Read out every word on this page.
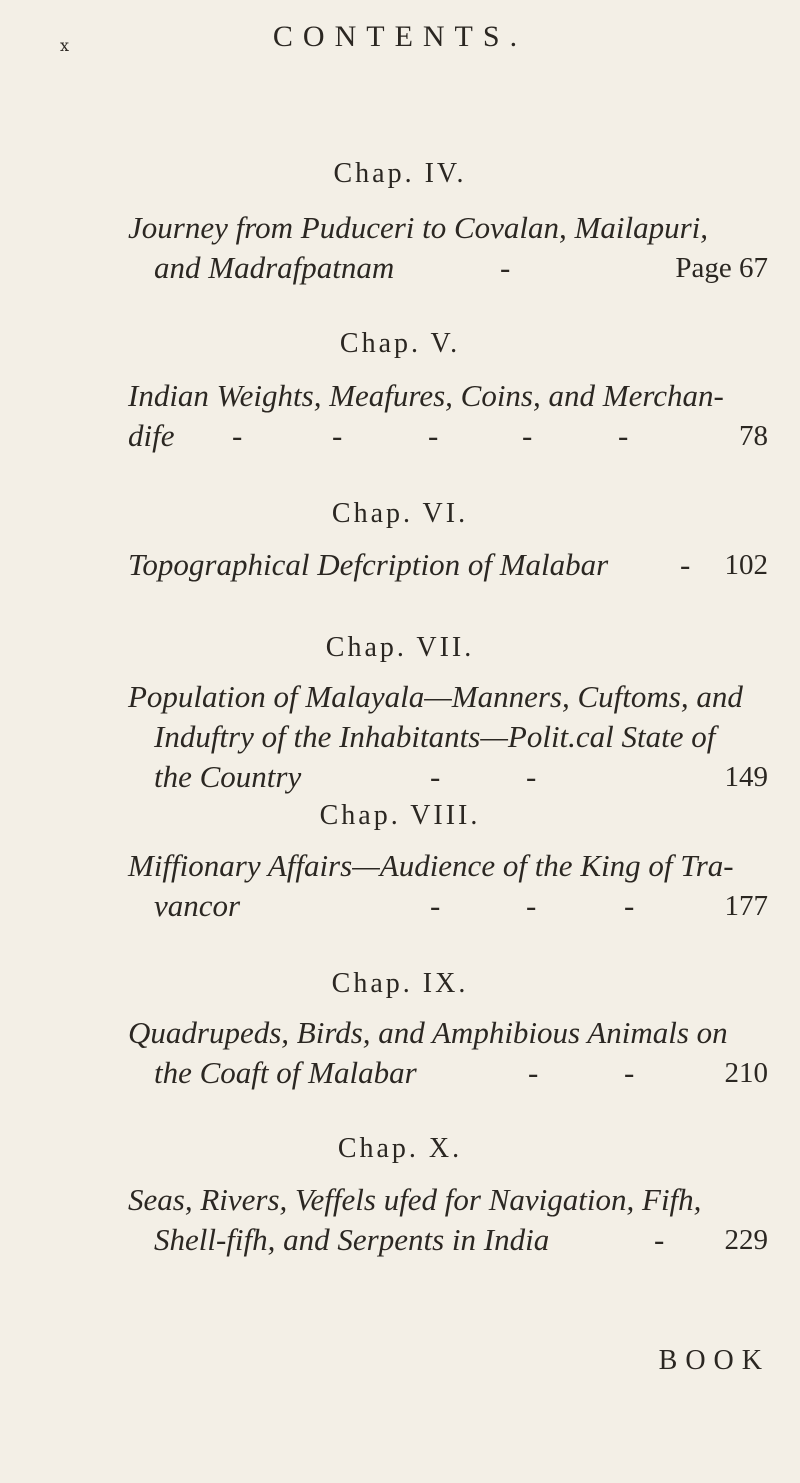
x	CONTENTS.
Chap. IV.
Journey from Puduceri to Covalan, Mailapuri,
and Madrafpatnam	-	Page 67
Chap. V.
Indian Weights, Meafures, Coins, and Merchan-
dife -	-	-	-	-	78
Chap. VI.
Topographical Defcription of Malabar - 102
Chap. VII.
Population of Malayala—Manners, Cuftoms, and
Induftry of the Inhabitants—Polit.cal State of
the Country	-	-	149
Chap. VIII.
Miffionary Affairs—Audience of the King of Tra-
vancor	-	-	-	177
Chap. IX.
Quadrupeds, Birds, and Amphibious Animals on
the Coaft of Malabar	-	-	210
Chap. X.
Seas, Rivers, Veffels ufed for Navigation, Fifh,
Shell-fifh, and Serpents in India	- 229
BOOK
